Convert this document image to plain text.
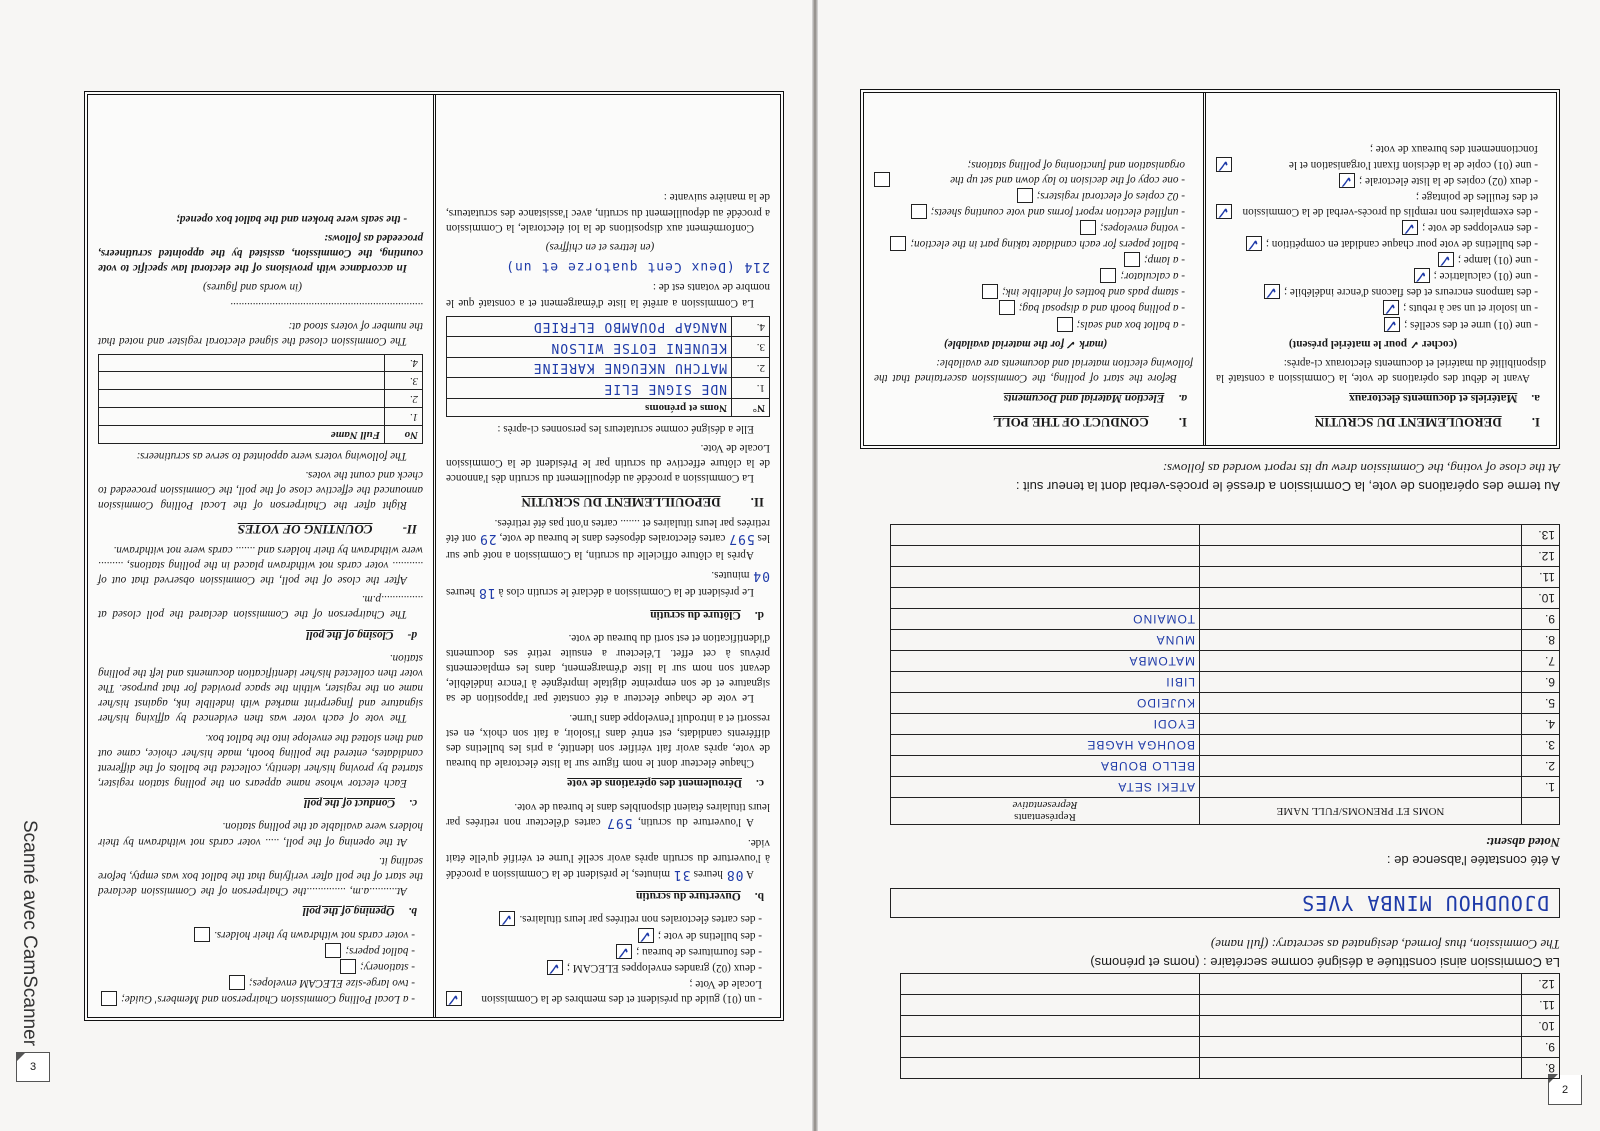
3
- un (01) guide du président et des membres de la Commission Locale de Vote ;
✓
- deux (02) grandes enveloppes ELECAM ;
✓
- des fournitures de bureau ;
✓
- des bulletins de vote ;
✓
- des cartes électorales non retirées par leurs titulaires.
✓
b.
Ouverture du scrutin

A 08 heures 31 minutes, le président de la Commission a procédé à l'ouverture du scrutin après avoir scellé l'urne et vérifié qu'elle était vide.

A l'ouverture du scrutin, 597 cartes d'électeur non retirées par leurs titulaires étaient disponibles dans le bureau de vote.

c.
Déroulement des opérations de vote

Chaque électeur dont le nom figure sur la liste électorale du bureau de vote, après avoir fait vérifier son identité, a pris les bulletins des différents candidats, est entré dans l'isoloir, a fait son choix, en est ressorti et a introduit l'enveloppe dans l'urne.

Le vote de chaque électeur a été constaté par l'apposition de sa signature et de son empreinte digitale imprégnée à l'encre indélébile, devant son nom sur la liste d'émargement, dans les emplacements prévus à cet effet. L'électeur a ensuite retiré ses documents d'identification et est sorti du bureau de vote.

d.
Clôture du scrutin

Le président de la Commission a déclaré le scrutin clos à 18 heures 04 minutes.

Après la clôture officielle du scrutin, la Commission a noté que sur les 597 cartes électorales déposées dans le bureau de vote, 29 ont été retirées par leurs titulaires et ....... cartes n'ont pas été retirées.

II.
DEPOUILLEMENT DU SCRUTIN

La Commission a procédé au dépouillement du scrutin dès l'annonce de la clôture effective du scrutin par le Président de la Commission Locale de Vote.

Elle a désigné comme scrutateurs les personnes ci-après :

N°	Noms et prénoms
1.	NDE SIGNE ELIE
2.	MATCHU NKEUGNE KAREINE
3.	KEUNENI EOTSE WILSON
4.	NANGAP POUAMBO ELFRIED

La Commission a arrêté la liste d'émargement et a constaté que le nombre de votants est de :

214 (Deux Cent quatorze et un)

(en lettres et en chiffres)

Conformément aux dispositions de la loi électorale, la Commission a procédé au dépouillement du scrutin, avec l'assistance des scrutateurs, de la manière suivante :

- a Local Polling Commission Chairperson and Members' Guide;
- two large-size ELECAM envelopes;
- stationery;
- ballot papers;
- voter cards not withdrawn by their holders.
b.
Opening of the poll

At..........a.m, ..............the Chairperson of the Commission declared the start of the poll after verifying that the ballot box was empty, before sealing it.

At the opening of the poll, ..... voter cards not withdrawn by their holders were available at the polling station.

c.
Conduct of the poll

Each elector whose name appears on the polling station register, started by proving his/her identity, collected the ballots of the different candidates, entered the polling booth, made his/her choice, came out and then slotted the envelope into the ballot box.

The vote of each voter was then evidenced by affixing his/her signature and fingerprint marked with indelible ink, against his/her name on the register, within the space provided for that purpose. The voter then collected his/her identification documents and left the polling station.

d-
Closing of the poll

The Chairperson of the Commission declared the poll closed at ...............p.m.

After the close of the poll, the Commission observed that out of ........... voter cards not withdrawn placed in the polling stations, ......... were withdrawn by their holders and ....... cards were not withdrawn.

II-
COUNTING OF VOTES

Right after the Chairperson of the Local Polling Commission announced the effective close of the poll, the Commission proceeded to check and count the votes.

The following voters were appointed to serve as scrutineers:

No	Full Name
1.	
2.	
3.	
4.	

The Commission closed the signed electoral register and noted that the number of voters stood at:

.....................................................................

(in words and figures)

In accordance with provisions of the electoral law specific to vote counting, the Commission, assisted by the appointed scrutineers, proceeded as follows:

- the seals were broken and the ballot box opened;

2
8.		
9.		
10.		
11.		
12.		
La Commission ainsi constituée a désigné comme secrétaire : (noms et prénoms)
The Commission, thus formed, designated as secretary: (full name)
DJOUDHOU MINBA YVES
A été constatée l'absence de :
Noted absent:
	NOMS ET PRENOMS/FULL NAME	Représentants
Representative

1.		ATEKI SETA
2.		BELLO BOUBA
3.		BOUHGA HAGBE
4.		EYODI
5.		KUJEIDO
6.		LIBII
7.		MATOMBA
8.		MUNA
9.		TOMAINO
10.		
11.		
12.		
13.		
Au terme des opérations de vote, la Commission a dressé le procès-verbal dont la teneur suit :
At the close of voting, the Commission drew up its report worded as follows:
I.
DEROULEMENT DU SCRUTIN
a.
Matériels et documents électoraux

Avant le début des opérations de vote, la Commission a constaté la disponibilité du matériel et documents électoraux ci-après:

(cocher ✓ pour le matériel présent)

- une (01) urne et des scellés ;
✓
- un isoloir et un sac à rebuts ;
✓
- des tampons encreurs et des flacons d'encre indélébile ;
✓
- une (01) calculatrice ;
✓
- une (01) lampe ;
✓
- des bulletins de vote pour chaque candidat en compétition ;
✓
- des enveloppes de vote ;
✓
- des exemplaires non remplis du procès-verbal de la Commission et des feuilles de pointage ;
✓
- deux (02) copies de la liste électorale ;
✓
- une (01) copie de la décision fixant l'organisation et le fonctionnement des bureaux de vote ;
✓
I.
CONDUCT OF THE POLL
a.
Election Material and Documents

Before the start of polling, the Commission ascertained that the following election material and documents are available:

(mark ✓ for the material available)

- a ballot box and seals;
- a polling booth and a disposal bag;
- stamp pads and bottles of indelible ink;
- a calculator;
- a lamp;
- ballot papers for each candidate taking part in the election;
- voting envelopes;
- unfilled election report forms and vote counting sheets;
- 02 copies of electoral registers;
- one copy of the decision to lay down and set up the organisation and functioning of polling stations;
Scanné avec CamScanner
